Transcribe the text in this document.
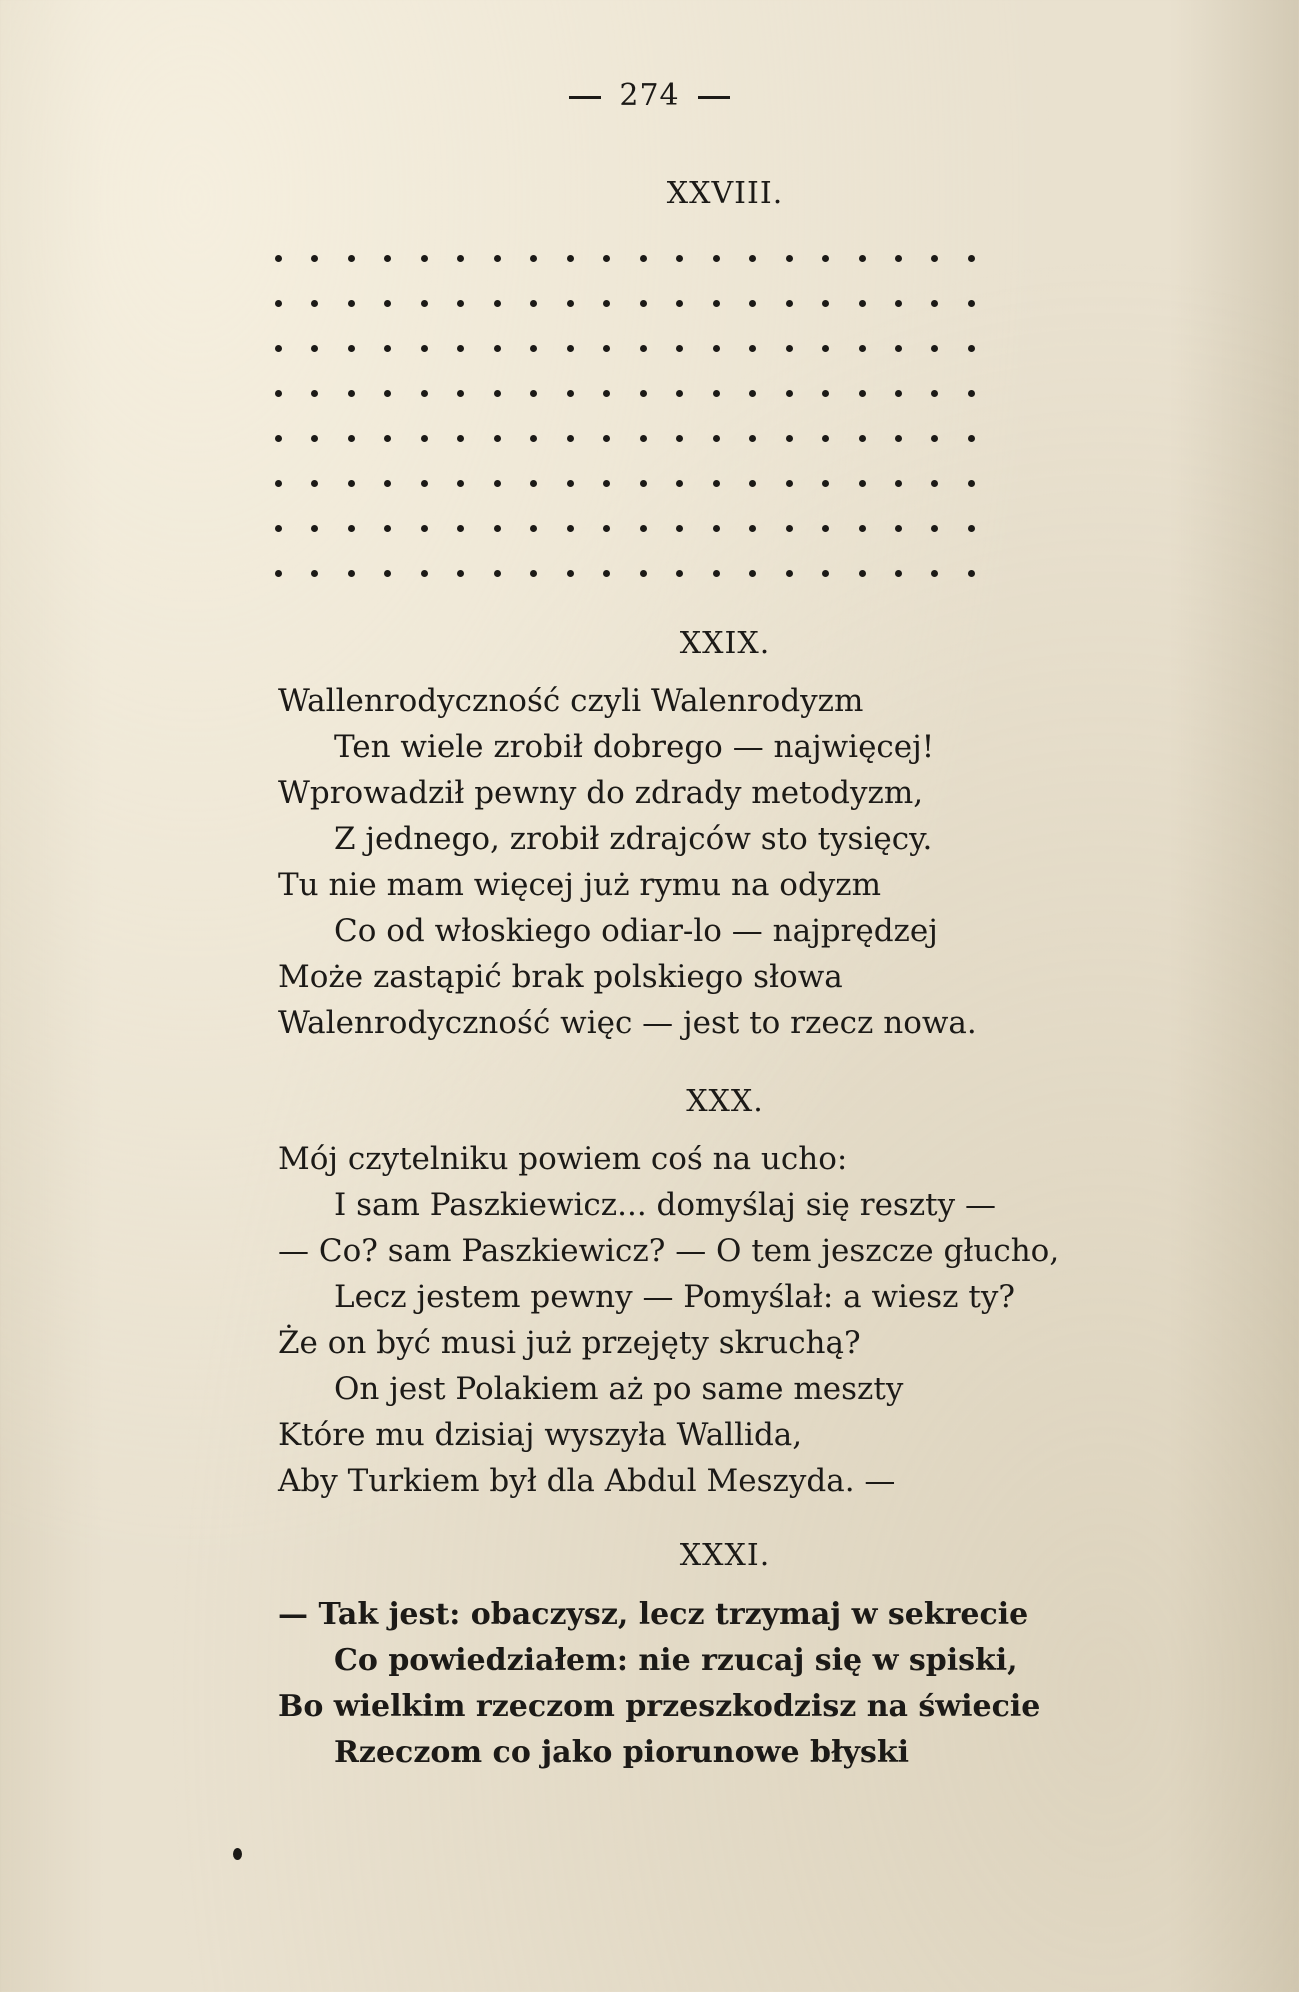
274
XXVIII.
XXIX.
Wallenrodyczność czyli Walenrodyzm
Ten wiele zrobił dobrego — najwięcej!
Wprowadził pewny do zdrady metodyzm,
Z jednego, zrobił zdrajców sto tysięcy.
Tu nie mam więcej już rymu na odyzm
Co od włoskiego odiar-lo — najprędzej
Może zastąpić brak polskiego słowa
Walenrodyczność więc — jest to rzecz nowa.
XXX.
Mój czytelniku powiem coś na ucho:
I sam Paszkiewicz... domyślaj się reszty —
— Co? sam Paszkiewicz? — O tem jeszcze głucho,
Lecz jestem pewny — Pomyślał: a wiesz ty?
Że on być musi już przejęty skruchą?
On jest Polakiem aż po same meszty
Które mu dzisiaj wyszyła Wallida,
Aby Turkiem był dla Abdul Meszyda. —
XXXI.
— Tak jest: obaczysz, lecz trzymaj w sekrecie
Co powiedziałem: nie rzucaj się w spiski,
Bo wielkim rzeczom przeszkodzisz na świecie
Rzeczom co jako piorunowe błyski
